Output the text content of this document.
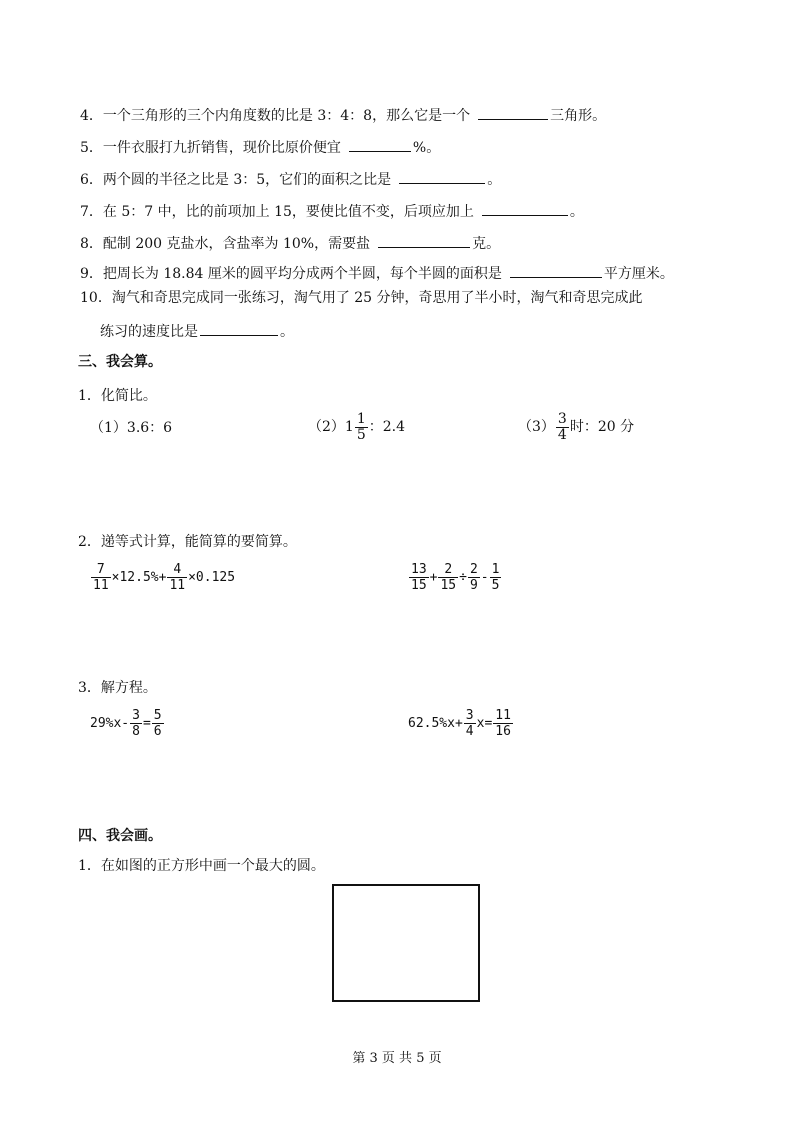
4．一个三角形的三个内角度数的比是 3：4：8，那么它是一个	三角形。
5．一件衣服打九折销售，现价比原价便宜	%。
6．两个圆的半径之比是 3：5，它们的面积之比是	。
7．在 5：7 中，比的前项加上 15，要使比值不变，后项应加上	。
8．配制 200 克盐水，含盐率为 10%，需要盐	克。
9．把周长为 18.84 厘米的圆平均分成两个半圆，每个半圆的面积是	平方厘米。
10．淘气和奇思完成同一张练习，淘气用了 25 分钟，奇思用了半小时，淘气和奇思完成此
练习的速度比是	。
三、我会算。
1．化简比。
（1）3.6：6	（2） $1 \frac{1}{5}$ ：2.4	$(3) \frac{3}{4}$ 时：20 分
2．递等式计算，能简算的要简算。
$\frac{7}{11} \times 12.5\%+ \frac{4}{11} \times 0.125$	$\frac{13}{15} + \frac{2}{15} \div \frac{2}{9} - \frac{1}{5}$
3．解方程。
$29\%x- \frac{3}{8} = \frac{5}{6}$	$62.5\%x+ \frac{3}{4} x= \frac{11}{16}$
四、我会画。
1．在如图的正方形中画一个最大的圆。
第 3 页 共 5 页
